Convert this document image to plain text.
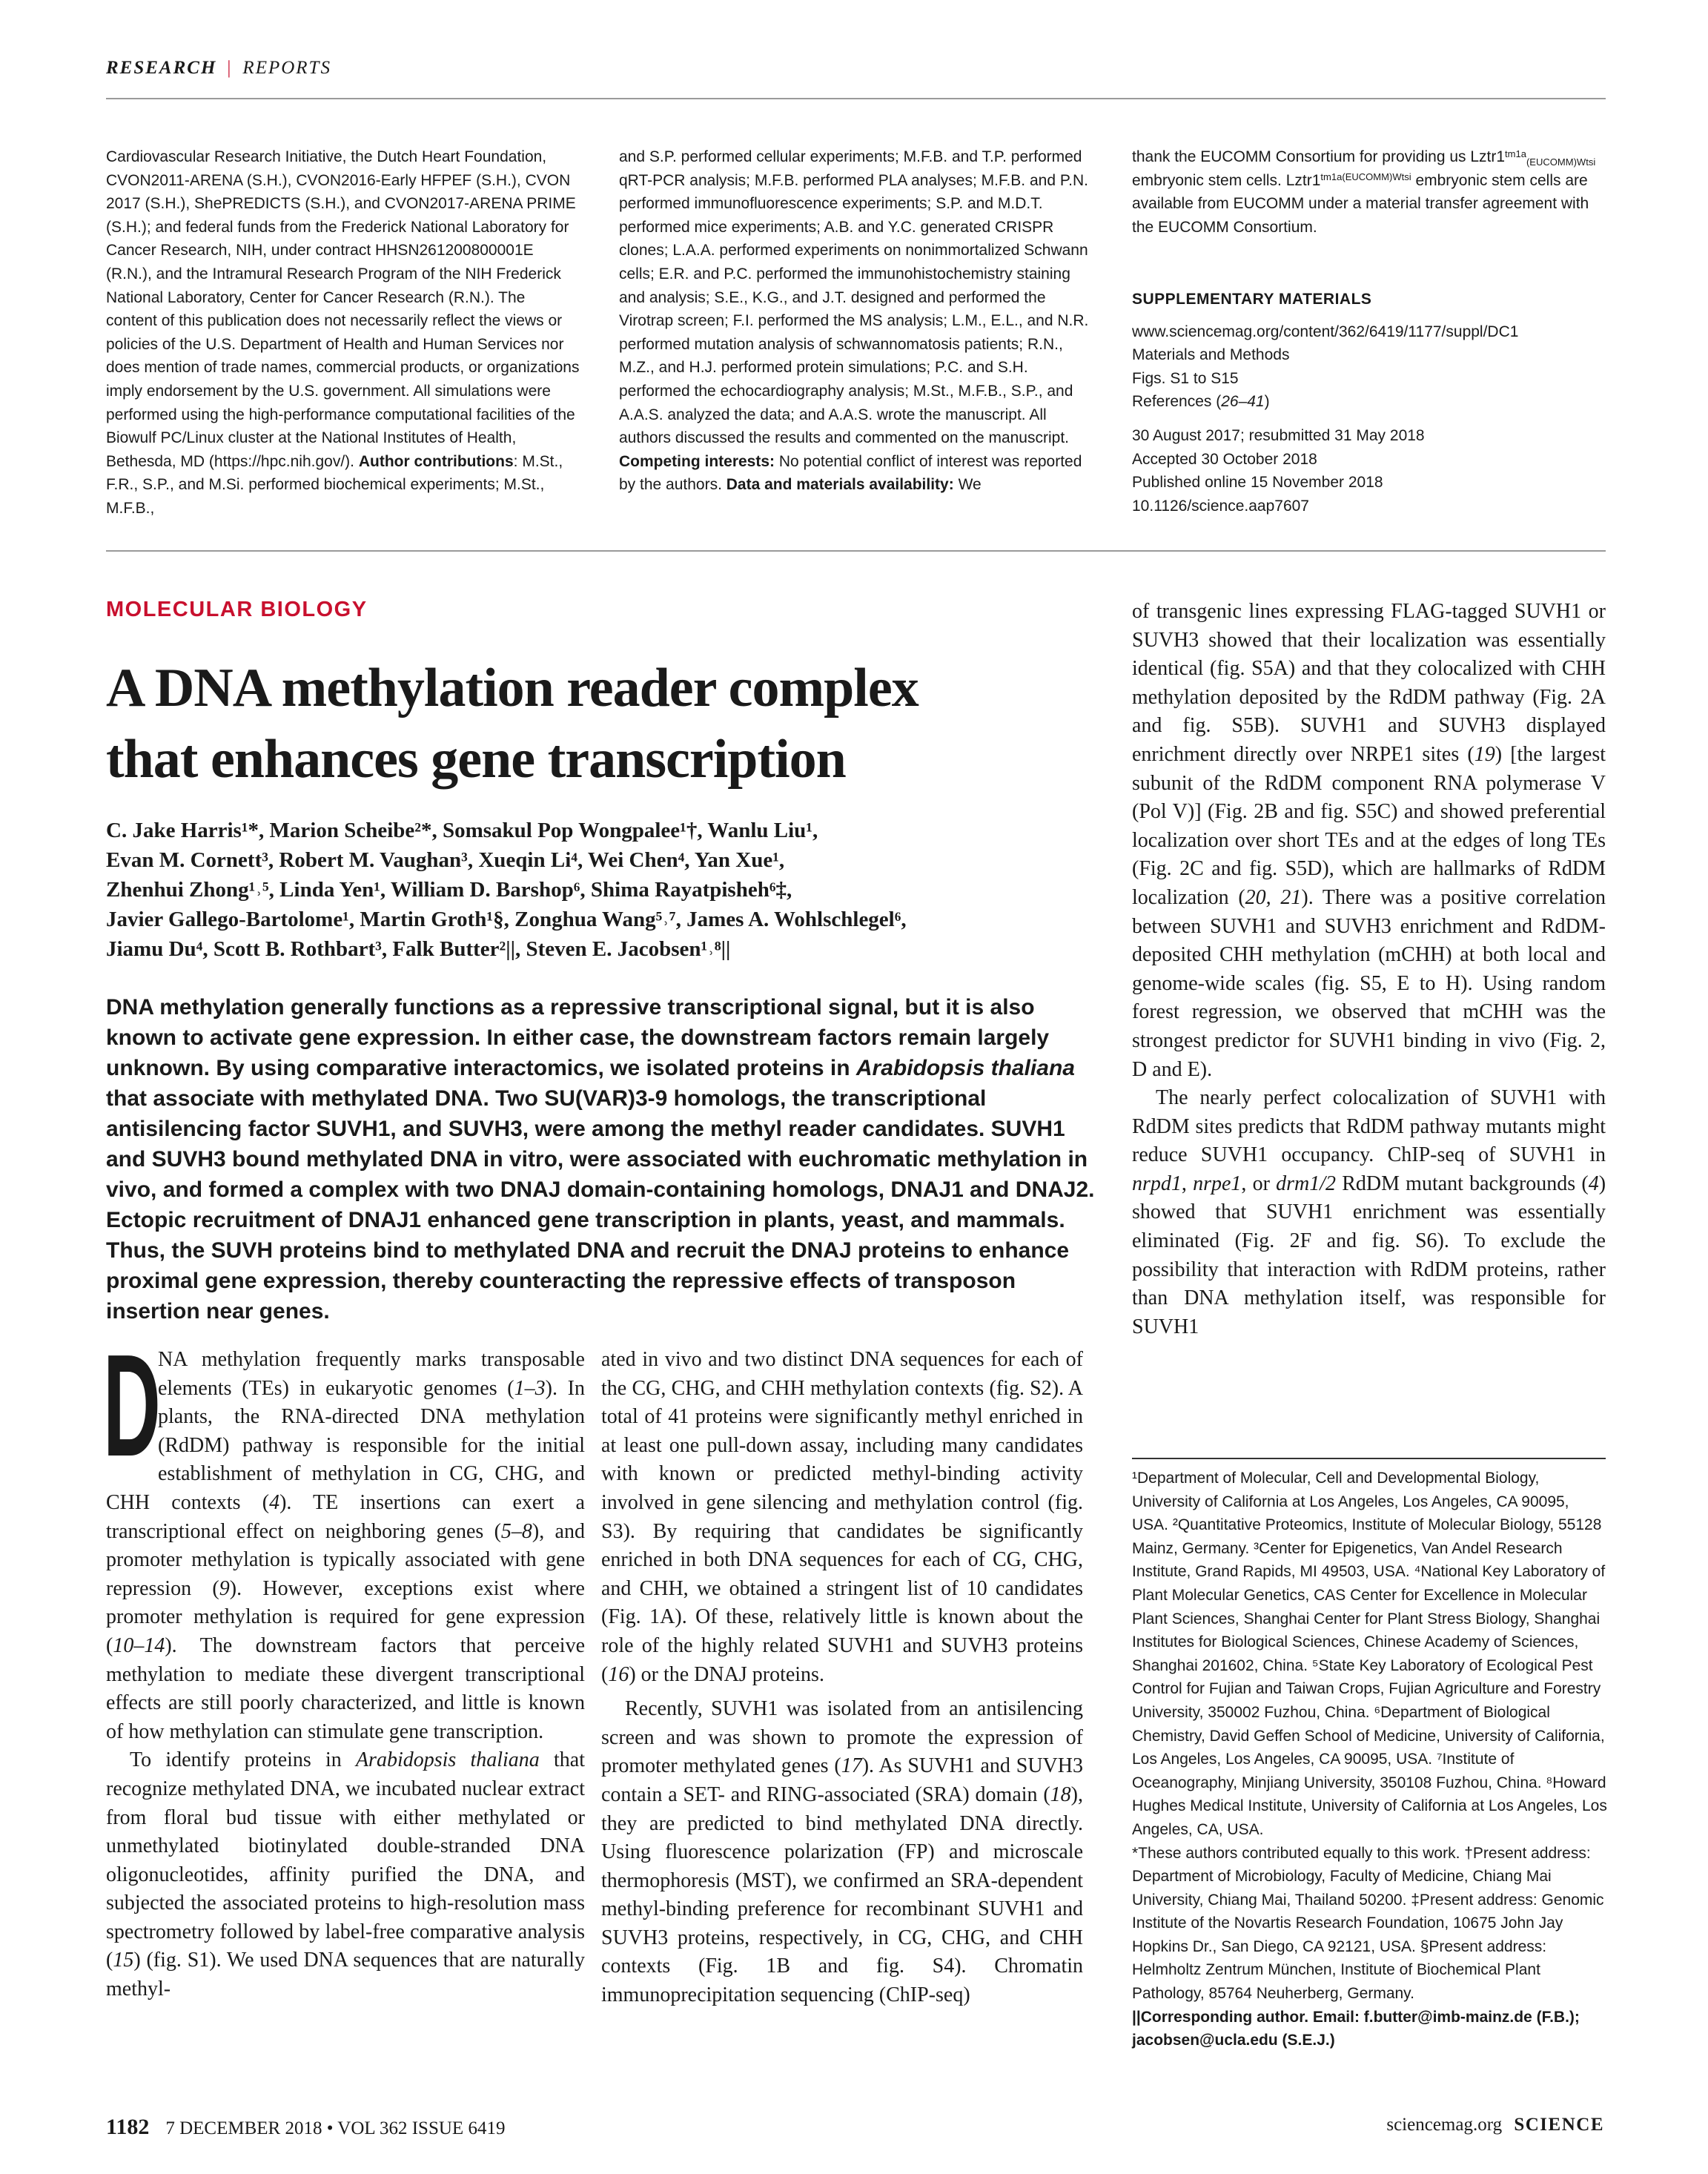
RESEARCH | REPORTS

Cardiovascular Research Initiative, the Dutch Heart Foundation, CVON2011-ARENA (S.H.), CVON2016-Early HFPEF (S.H.), CVON 2017 (S.H.), ShePREDICTS (S.H.), and CVON2017-ARENA PRIME (S.H.); and federal funds from the Frederick National Laboratory for Cancer Research, NIH, under contract HHSN261200800001E (R.N.), and the Intramural Research Program of the NIH Frederick National Laboratory, Center for Cancer Research (R.N.). The content of this publication does not necessarily reflect the views or policies of the U.S. Department of Health and Human Services nor does mention of trade names, commercial products, or organizations imply endorsement by the U.S. government. All simulations were performed using the high-performance computational facilities of the Biowulf PC/Linux cluster at the National Institutes of Health, Bethesda, MD (https://hpc.nih.gov/). Author contributions: M.St., F.R., S.P., and M.Si. performed biochemical experiments; M.St., M.F.B.,

and S.P. performed cellular experiments; M.F.B. and T.P. performed qRT-PCR analysis; M.F.B. performed PLA analyses; M.F.B. and P.N. performed immunofluorescence experiments; S.P. and M.D.T. performed mice experiments; A.B. and Y.C. generated CRISPR clones; L.A.A. performed experiments on nonimmortalized Schwann cells; E.R. and P.C. performed the immunohistochemistry staining and analysis; S.E., K.G., and J.T. designed and performed the Virotrap screen; F.I. performed the MS analysis; L.M., E.L., and N.R. performed mutation analysis of schwannomatosis patients; R.N., M.Z., and H.J. performed protein simulations; P.C. and S.H. performed the echocardiography analysis; M.St., M.F.B., S.P., and A.A.S. analyzed the data; and A.A.S. wrote the manuscript. All authors discussed the results and commented on the manuscript. Competing interests: No potential conflict of interest was reported by the authors. Data and materials availability: We

thank the EUCOMM Consortium for providing us $Lztr1^{tm1a}_{(EUCOMM)Wtsi}$ embryonic stem cells. $Lztr1^{tm1a(EUCOMM)Wtsi}$ embryonic stem cells are available from EUCOMM under a material transfer agreement with the EUCOMM Consortium.

SUPPLEMENTARY MATERIALS
www.sciencemag.org/content/362/6419/1177/suppl/DC1
Materials and Methods
Figs. S1 to S15
References (26–41)
30 August 2017; resubmitted 31 May 2018
Accepted 30 October 2018
Published online 15 November 2018
10.1126/science.aap7607
MOLECULAR BIOLOGY
A DNA methylation reader complex
that enhances gene transcription
C. Jake Harris¹*, Marion Scheibe²*, Somsakul Pop Wongpalee¹†, Wanlu Liu¹,
Evan M. Cornett³, Robert M. Vaughan³, Xueqin Li⁴, Wei Chen⁴, Yan Xue¹,
Zhenhui Zhong¹˒⁵, Linda Yen¹, William D. Barshop⁶, Shima Rayatpisheh⁶‡,
Javier Gallego-Bartolome¹, Martin Groth¹§, Zonghua Wang⁵˒⁷, James A. Wohlschlegel⁶,
Jiamu Du⁴, Scott B. Rothbart³, Falk Butter²||, Steven E. Jacobsen¹˒⁸||
DNA methylation generally functions as a repressive transcriptional signal, but it is also known to activate gene expression. In either case, the downstream factors remain largely unknown. By using comparative interactomics, we isolated proteins in Arabidopsis thaliana that associate with methylated DNA. Two SU(VAR)3-9 homologs, the transcriptional antisilencing factor SUVH1, and SUVH3, were among the methyl reader candidates. SUVH1 and SUVH3 bound methylated DNA in vitro, were associated with euchromatic methylation in vivo, and formed a complex with two DNAJ domain-containing homologs, DNAJ1 and DNAJ2. Ectopic recruitment of DNAJ1 enhanced gene transcription in plants, yeast, and mammals. Thus, the SUVH proteins bind to methylated DNA and recruit the DNAJ proteins to enhance proximal gene expression, thereby counteracting the repressive effects of transposon insertion near genes.

D
NA methylation frequently marks transposable elements (TEs) in eukaryotic genomes (1–3). In plants, the RNA-directed DNA methylation (RdDM) pathway is responsible for the initial establishment of methylation in CG, CHG, and CHH contexts (4). TE insertions can exert a transcriptional effect on neighboring genes (5–8), and promoter methylation is typically associated with gene repression (9). However, exceptions exist where promoter methylation is required for gene expression (10–14). The downstream factors that perceive methylation to mediate these divergent transcriptional effects are still poorly characterized, and little is known of how methylation can stimulate gene transcription.

To identify proteins in Arabidopsis thaliana that recognize methylated DNA, we incubated nuclear extract from floral bud tissue with either methylated or unmethylated biotinylated double-stranded DNA oligonucleotides, affinity purified the DNA, and subjected the associated proteins to high-resolution mass spectrometry followed by label-free comparative analysis (15) (fig. S1). We used DNA sequences that are naturally methyl-

ated in vivo and two distinct DNA sequences for each of the CG, CHG, and CHH methylation contexts (fig. S2). A total of 41 proteins were significantly methyl enriched in at least one pull-down assay, including many candidates with known or predicted methyl-binding activity involved in gene silencing and methylation control (fig. S3). By requiring that candidates be significantly enriched in both DNA sequences for each of CG, CHG, and CHH, we obtained a stringent list of 10 candidates (Fig. 1A). Of these, relatively little is known about the role of the highly related SUVH1 and SUVH3 proteins (16) or the DNAJ proteins.

Recently, SUVH1 was isolated from an antisilencing screen and was shown to promote the expression of promoter methylated genes (17). As SUVH1 and SUVH3 contain a SET- and RING-associated (SRA) domain (18), they are predicted to bind methylated DNA directly. Using fluorescence polarization (FP) and microscale thermophoresis (MST), we confirmed an SRA-dependent methyl-binding preference for recombinant SUVH1 and SUVH3 proteins, respectively, in CG, CHG, and CHH contexts (Fig. 1B and fig. S4). Chromatin immunoprecipitation sequencing (ChIP-seq)

of transgenic lines expressing FLAG-tagged SUVH1 or SUVH3 showed that their localization was essentially identical (fig. S5A) and that they colocalized with CHH methylation deposited by the RdDM pathway (Fig. 2A and fig. S5B). SUVH1 and SUVH3 displayed enrichment directly over NRPE1 sites (19) [the largest subunit of the RdDM component RNA polymerase V (Pol V)] (Fig. 2B and fig. S5C) and showed preferential localization over short TEs and at the edges of long TEs (Fig. 2C and fig. S5D), which are hallmarks of RdDM localization (20, 21). There was a positive correlation between SUVH1 and SUVH3 enrichment and RdDM-deposited CHH methylation (mCHH) at both local and genome-wide scales (fig. S5, E to H). Using random forest regression, we observed that mCHH was the strongest predictor for SUVH1 binding in vivo (Fig. 2, D and E).

The nearly perfect colocalization of SUVH1 with RdDM sites predicts that RdDM pathway mutants might reduce SUVH1 occupancy. ChIP-seq of SUVH1 in nrpd1, nrpe1, or drm1/2 RdDM mutant backgrounds (4) showed that SUVH1 enrichment was essentially eliminated (Fig. 2F and fig. S6). To exclude the possibility that interaction with RdDM proteins, rather than DNA methylation itself, was responsible for SUVH1

¹Department of Molecular, Cell and Developmental Biology, University of California at Los Angeles, Los Angeles, CA 90095, USA. ²Quantitative Proteomics, Institute of Molecular Biology, 55128 Mainz, Germany. ³Center for Epigenetics, Van Andel Research Institute, Grand Rapids, MI 49503, USA. ⁴National Key Laboratory of Plant Molecular Genetics, CAS Center for Excellence in Molecular Plant Sciences, Shanghai Center for Plant Stress Biology, Shanghai Institutes for Biological Sciences, Chinese Academy of Sciences, Shanghai 201602, China. ⁵State Key Laboratory of Ecological Pest Control for Fujian and Taiwan Crops, Fujian Agriculture and Forestry University, 350002 Fuzhou, China. ⁶Department of Biological Chemistry, David Geffen School of Medicine, University of California, Los Angeles, Los Angeles, CA 90095, USA. ⁷Institute of Oceanography, Minjiang University, 350108 Fuzhou, China. ⁸Howard Hughes Medical Institute, University of California at Los Angeles, Los Angeles, CA, USA.

*These authors contributed equally to this work. †Present address: Department of Microbiology, Faculty of Medicine, Chiang Mai University, Chiang Mai, Thailand 50200. ‡Present address: Genomic Institute of the Novartis Research Foundation, 10675 John Jay Hopkins Dr., San Diego, CA 92121, USA. §Present address: Helmholtz Zentrum München, Institute of Biochemical Plant Pathology, 85764 Neuherberg, Germany.

||Corresponding author. Email: f.butter@imb-mainz.de (F.B.); jacobsen@ucla.edu (S.E.J.)

1182 7 DECEMBER 2018 • VOL 362 ISSUE 6419	sciencemag.org SCIENCE
